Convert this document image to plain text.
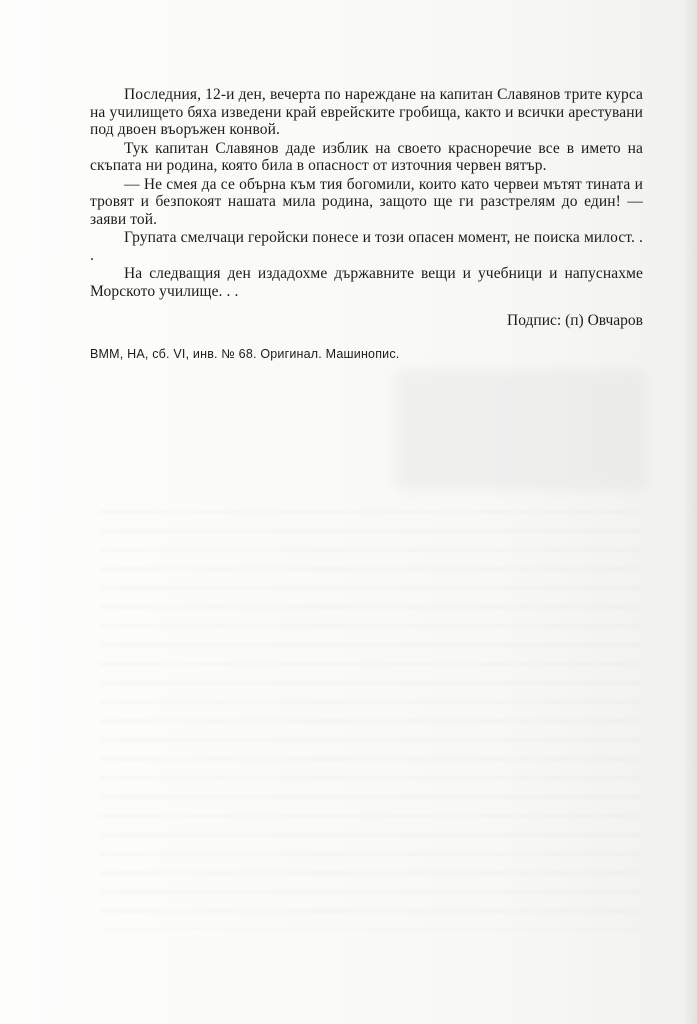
Последния, 12-и ден, вечерта по нареждане на капитан Славянов трите курса на училището бяха изведени край еврейските гробища, както и всички арестувани под двоен въоръжен конвой.

Тук капитан Славянов даде изблик на своето красноречие все в името на скъпата ни родина, която била в опасност от източния червен вятър.

— Не смея да се обърна към тия богомили, които като червеи мътят тината и тровят и безпокоят нашата мила родина, защото ще ги разстрелям до един! — заяви той.

Групата смелчаци геройски понесе и този опасен момент, не поиска милост. . .

На следващия ден издадохме държавните вещи и учебници и напуснахме Морското училище. . .

Подпис: (п) Овчаров
ВММ, НА, сб. VI, инв. № 68. Оригинал. Машинопис.
